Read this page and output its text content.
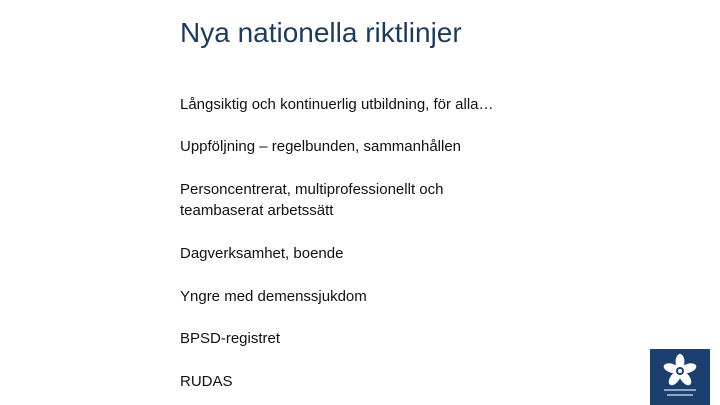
Nya nationella riktlinjer
Långsiktig och kontinuerlig utbildning, för alla…
Uppföljning – regelbunden, sammanhållen
Personcentrerat, multiprofessionellt och teambaserat arbetssätt
Dagverksamhet, boende
Yngre med demenssjukdom
BPSD-registret
RUDAS
